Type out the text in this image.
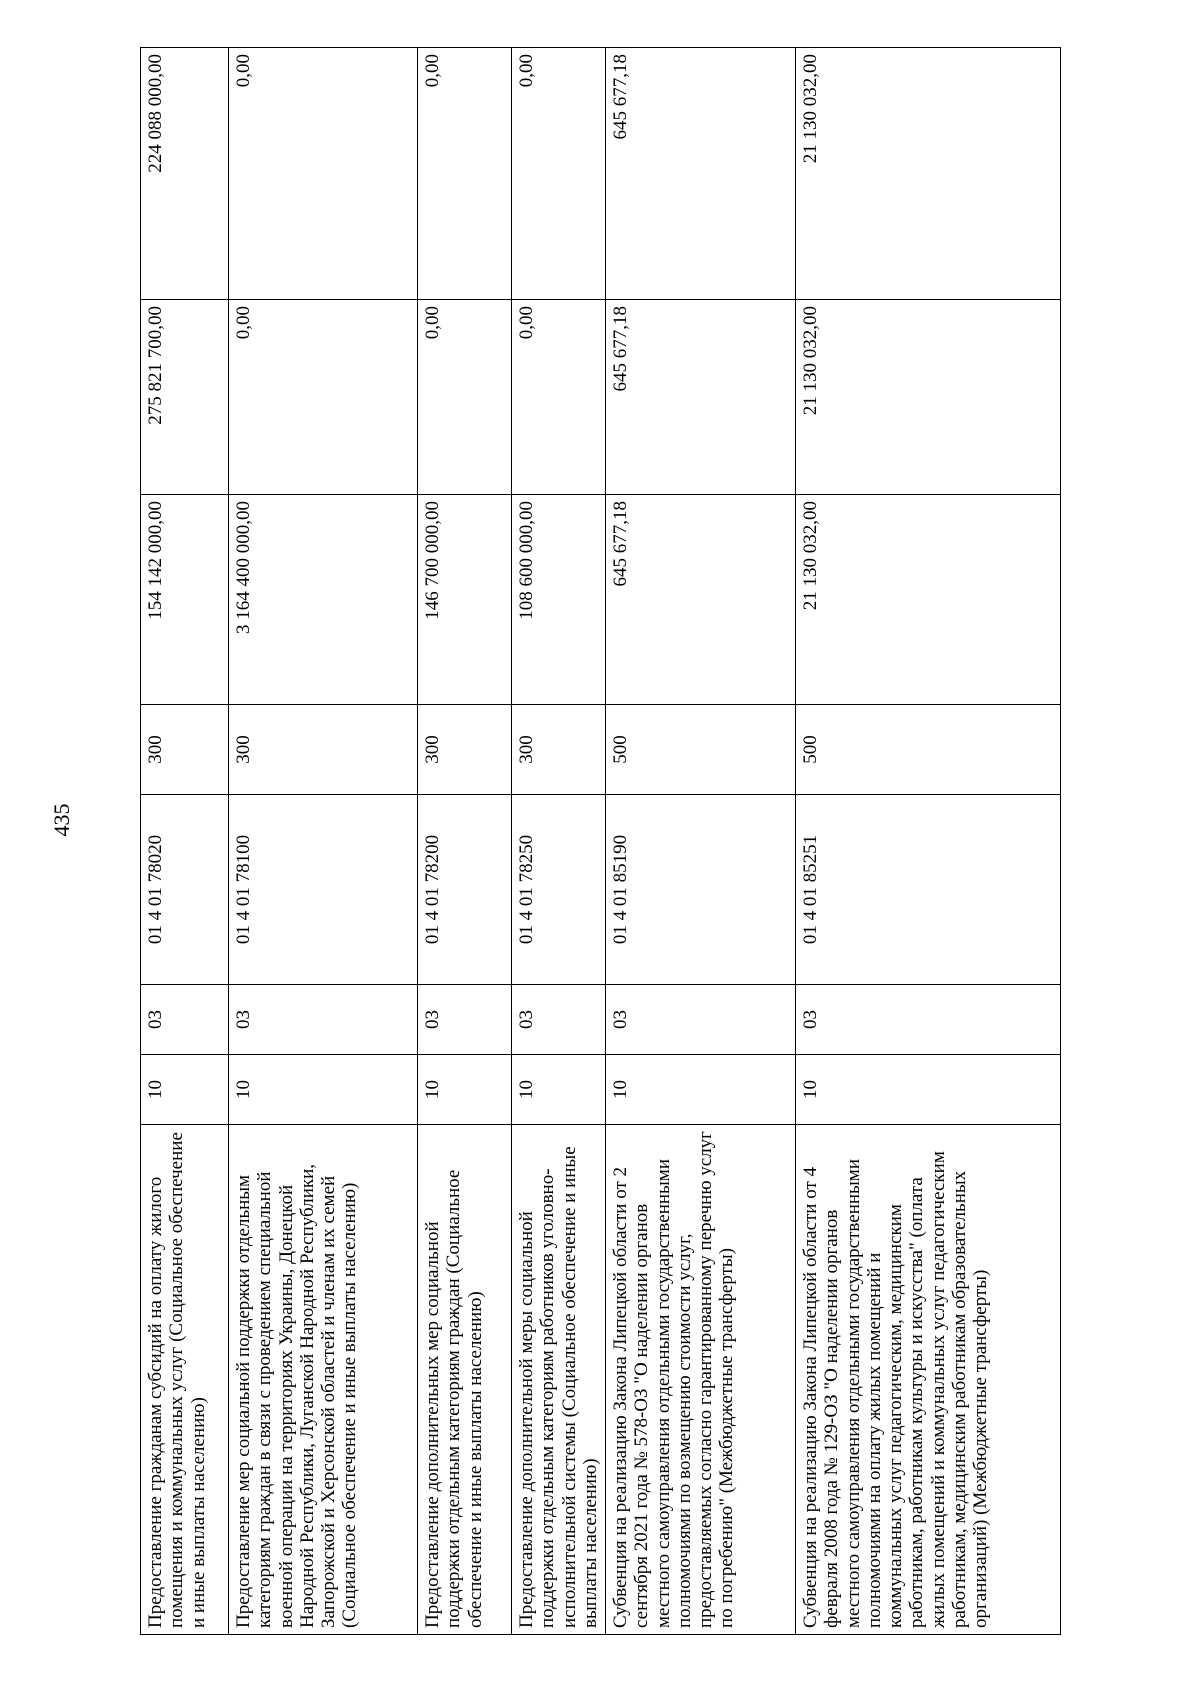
435
Предоставление гражданам субсидий на оплату жилого помещения и коммунальных услуг (Социальное обеспечение и иные выплаты населению)	10	03	01 4 01 78020	300	154 142 000,00	275 821 700,00	224 088 000,00
Предоставление мер социальной поддержки отдельным категориям граждан в связи с проведением специальной военной операции на территориях Украины, Донецкой Народной Республики, Луганской Народной Республики, Запорожской и Херсонской областей и членам их семей (Социальное обеспечение и иные выплаты населению)	10	03	01 4 01 78100	300	3 164 400 000,00	0,00	0,00
Предоставление дополнительных мер социальной поддержки отдельным категориям граждан (Социальное обеспечение и иные выплаты населению)	10	03	01 4 01 78200	300	146 700 000,00	0,00	0,00
Предоставление дополнительной меры социальной поддержки отдельным категориям работников уголовно-исполнительной системы (Социальное обеспечение и иные выплаты населению)	10	03	01 4 01 78250	300	108 600 000,00	0,00	0,00
Субвенция на реализацию Закона Липецкой области от 2 сентября 2021 года № 578-ОЗ "О наделении органов местного самоуправления отдельными государственными полномочиями по возмещению стоимости услуг, предоставляемых согласно гарантированному перечню услуг по погребению" (Межбюджетные трансферты)	10	03	01 4 01 85190	500	645 677,18	645 677,18	645 677,18
Субвенция на реализацию Закона Липецкой области от 4 февраля 2008 года № 129-ОЗ "О наделении органов местного самоуправления отдельными государственными полномочиями на оплату жилых помещений и коммунальных услуг педагогическим, медицинским работникам, работникам культуры и искусства" (оплата жилых помещений и коммунальных услуг педагогическим работникам, медицинским работникам образовательных организаций) (Межбюджетные трансферты)	10	03	01 4 01 85251	500	21 130 032,00	21 130 032,00	21 130 032,00
